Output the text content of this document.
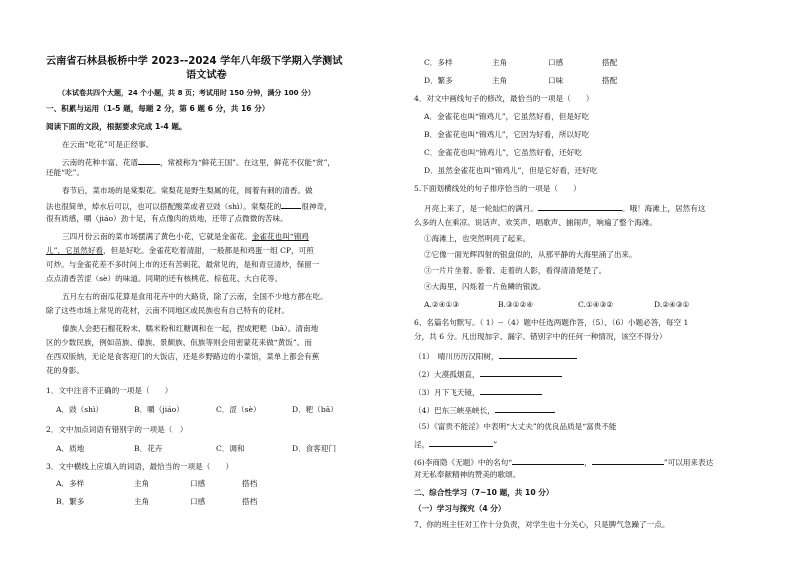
云南省石林县板桥中学 2023--2024 学年八年级下学期入学测试
语文试卷
（本试卷共四个大题，24 个小题，共 8 页；考试用时 150 分钟，满分 100 分）
一、积累与运用（1-5 题，每题 2 分，第 6 题 6 分，共 16 分）
阅读下面的文段，根据要求完成 1-4 题。
在云南“吃花”可是正经事。
云南的花种丰富、花谱	，常被称为“鲜花王国”。在这里，鲜花不仅能“赏”，
还能“吃”。
春节后，菜市场的是棠梨花。棠梨花是野生梨属的花，闻着有刺的清香。做
法也很简单，焯水后可以，也可以搭配酸菜或者豆豉（shì）。棠梨花的	很神奇，
很有质感，嚼（jiáo）劲十足，有点像肉的质地，还带了点微微的苦味。
三四月份云南的菜市场摆满了黄色小花，它就是金雀花。金雀花也叫“锦鸡
儿”，它虽然好看，但是好吃。金雀花吃着清甜，一般都是和鸡蛋一组 CP，可煎
可炒。与金雀花差不多时间上市的还有苦刺花，最常见的，是和青豆清炒，保留一
点点清香苦涩（sè）的味道。同期的还有核桃花、棕苞花、大白花等。
五月左右的南瓜花算是食用花卉中的大路货，除了云南，全国不少地方都在吃。
除了这些市场上常见的花材，云南不同地区或民族也有自己特有的花材。
傣族人会把石榴花粉末、糯米粉和红糖调和在一起，捏成粑粑（bā）。清南地
区的少数民族，例如苗族、傣族、景颇族、佤族等则会用密蒙花来做“黄饭”。而
在西双版纳，无论是食客迎门的大饭店，还是乡野路边的小菜馆，菜单上都会有蕉
花的身影。
1．文中注音不正确的一项是（　　）
A．豉（shì）	B．嚼（jiáo）	C．涩（sè）	D．粑（bā）
2．文中加点词语有错别字的一项是（　）
A．质地	B．花卉	C．调和	D．食客迎门
3．文中横线上应填入的词语，最恰当的一项是（　　）
A．多样	主角	口感	搭档
B．繁多	主角	口感	搭档
C．多样	主角	口感	搭配
D．繁多	主角	口味	搭配
4．对文中画线句子的修改，最恰当的一项是（　　）
A．金雀花也叫“锦鸡儿”，它虽然好看，但是好吃
B．金雀花也叫“锦鸡儿”，它因为好看，所以好吃
C．金雀花也叫“锦鸡儿”，它虽然好看，还好吃
D．虽然金雀花也叫“锦鸡儿”，但是它好看，还好吃
5.下面划横线处的句子排序恰当的一项是（　　）
月亮上来了，是一轮灿烂的满月。	。哦！海滩上，居然有这
么多的人在乘凉。说话声、欢笑声、唱歌声、捕闹声，响遍了整个海滩。
①海滩上，也突然明亮了起来。
②它像一面光辉四射的银盘似的，从那平静的大海里涌了出来。
③一片片坐着、卧着、走着的人影，看得清清楚楚了。
④大海里，闪烁着一片鱼鳞的银波。
A.②④①③	B.③①②④	C.①④③②	D.②④③①
6、名篇名句默写。（ 1）--（4）题中任选两题作答，（5）、（6）小题必答，每空 1
分，共 6 分。凡出现加字、漏字、错别字中的任何一种情况，该空不得分）
（1）　晴川历历汉阳树，
（2）大漠孤烟直，
（3）月下飞天镜，
（4）巴东三峡巫峡长，
（5）《富贵不能淫》中表明“大丈夫”的优良品质是“富贵不能
淫，	”
(6)李商隐《无题》中的名句“	，	”可以用来表达
对无私奉献精神的赞美的歌颂。
二、综合性学习（7~10 题，共 10 分）
（一）学习与探究（4 分）
7、你的班主任对工作十分负责，对学生也十分关心，只是脾气急躁了一点。
